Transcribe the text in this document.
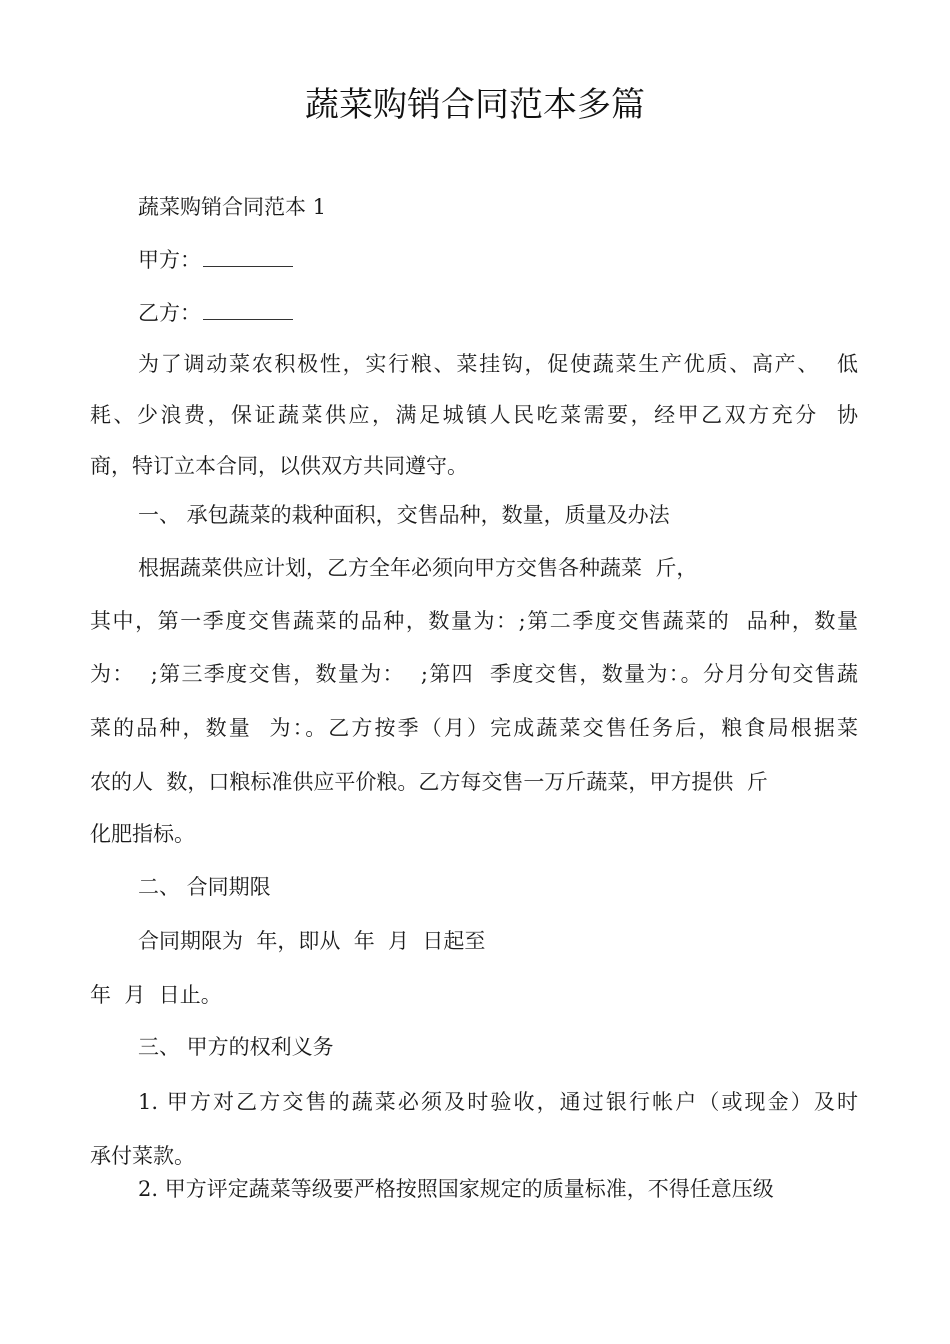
蔬菜购销合同范本多篇
蔬菜购销合同范本 1
甲方：
乙方：
为了调动菜农积极性，实行粮、菜挂钩，促使蔬菜生产优质、高产、  低
耗、少浪费，保证蔬菜供应，满足城镇人民吃菜需要，经甲乙双方充分  协
商，特订立本合同，以供双方共同遵守。
一、 承包蔬菜的栽种面积，交售品种，数量，质量及办法
根据蔬菜供应计划，乙方全年必须向甲方交售各种蔬菜  斤，
其中，第一季度交售蔬菜的品种，数量为：;第二季度交售蔬菜的  品种，数量
为：  ;第三季度交售，数量为：  ;第四  季度交售，数量为：。分月分旬交售蔬
菜的品种，数量  为：。乙方按季（月）完成蔬菜交售任务后，粮食局根据菜
农的人  数，口粮标准供应平价粮。乙方每交售一万斤蔬菜，甲方提供  斤
化肥指标。
二、 合同期限
合同期限为  年，即从  年  月  日起至
年  月  日止。
三、 甲方的权利义务
1. 甲方对乙方交售的蔬菜必须及时验收，通过银行帐户（或现金）及时
承付菜款。
2. 甲方评定蔬菜等级要严格按照国家规定的质量标准，不得任意压级
